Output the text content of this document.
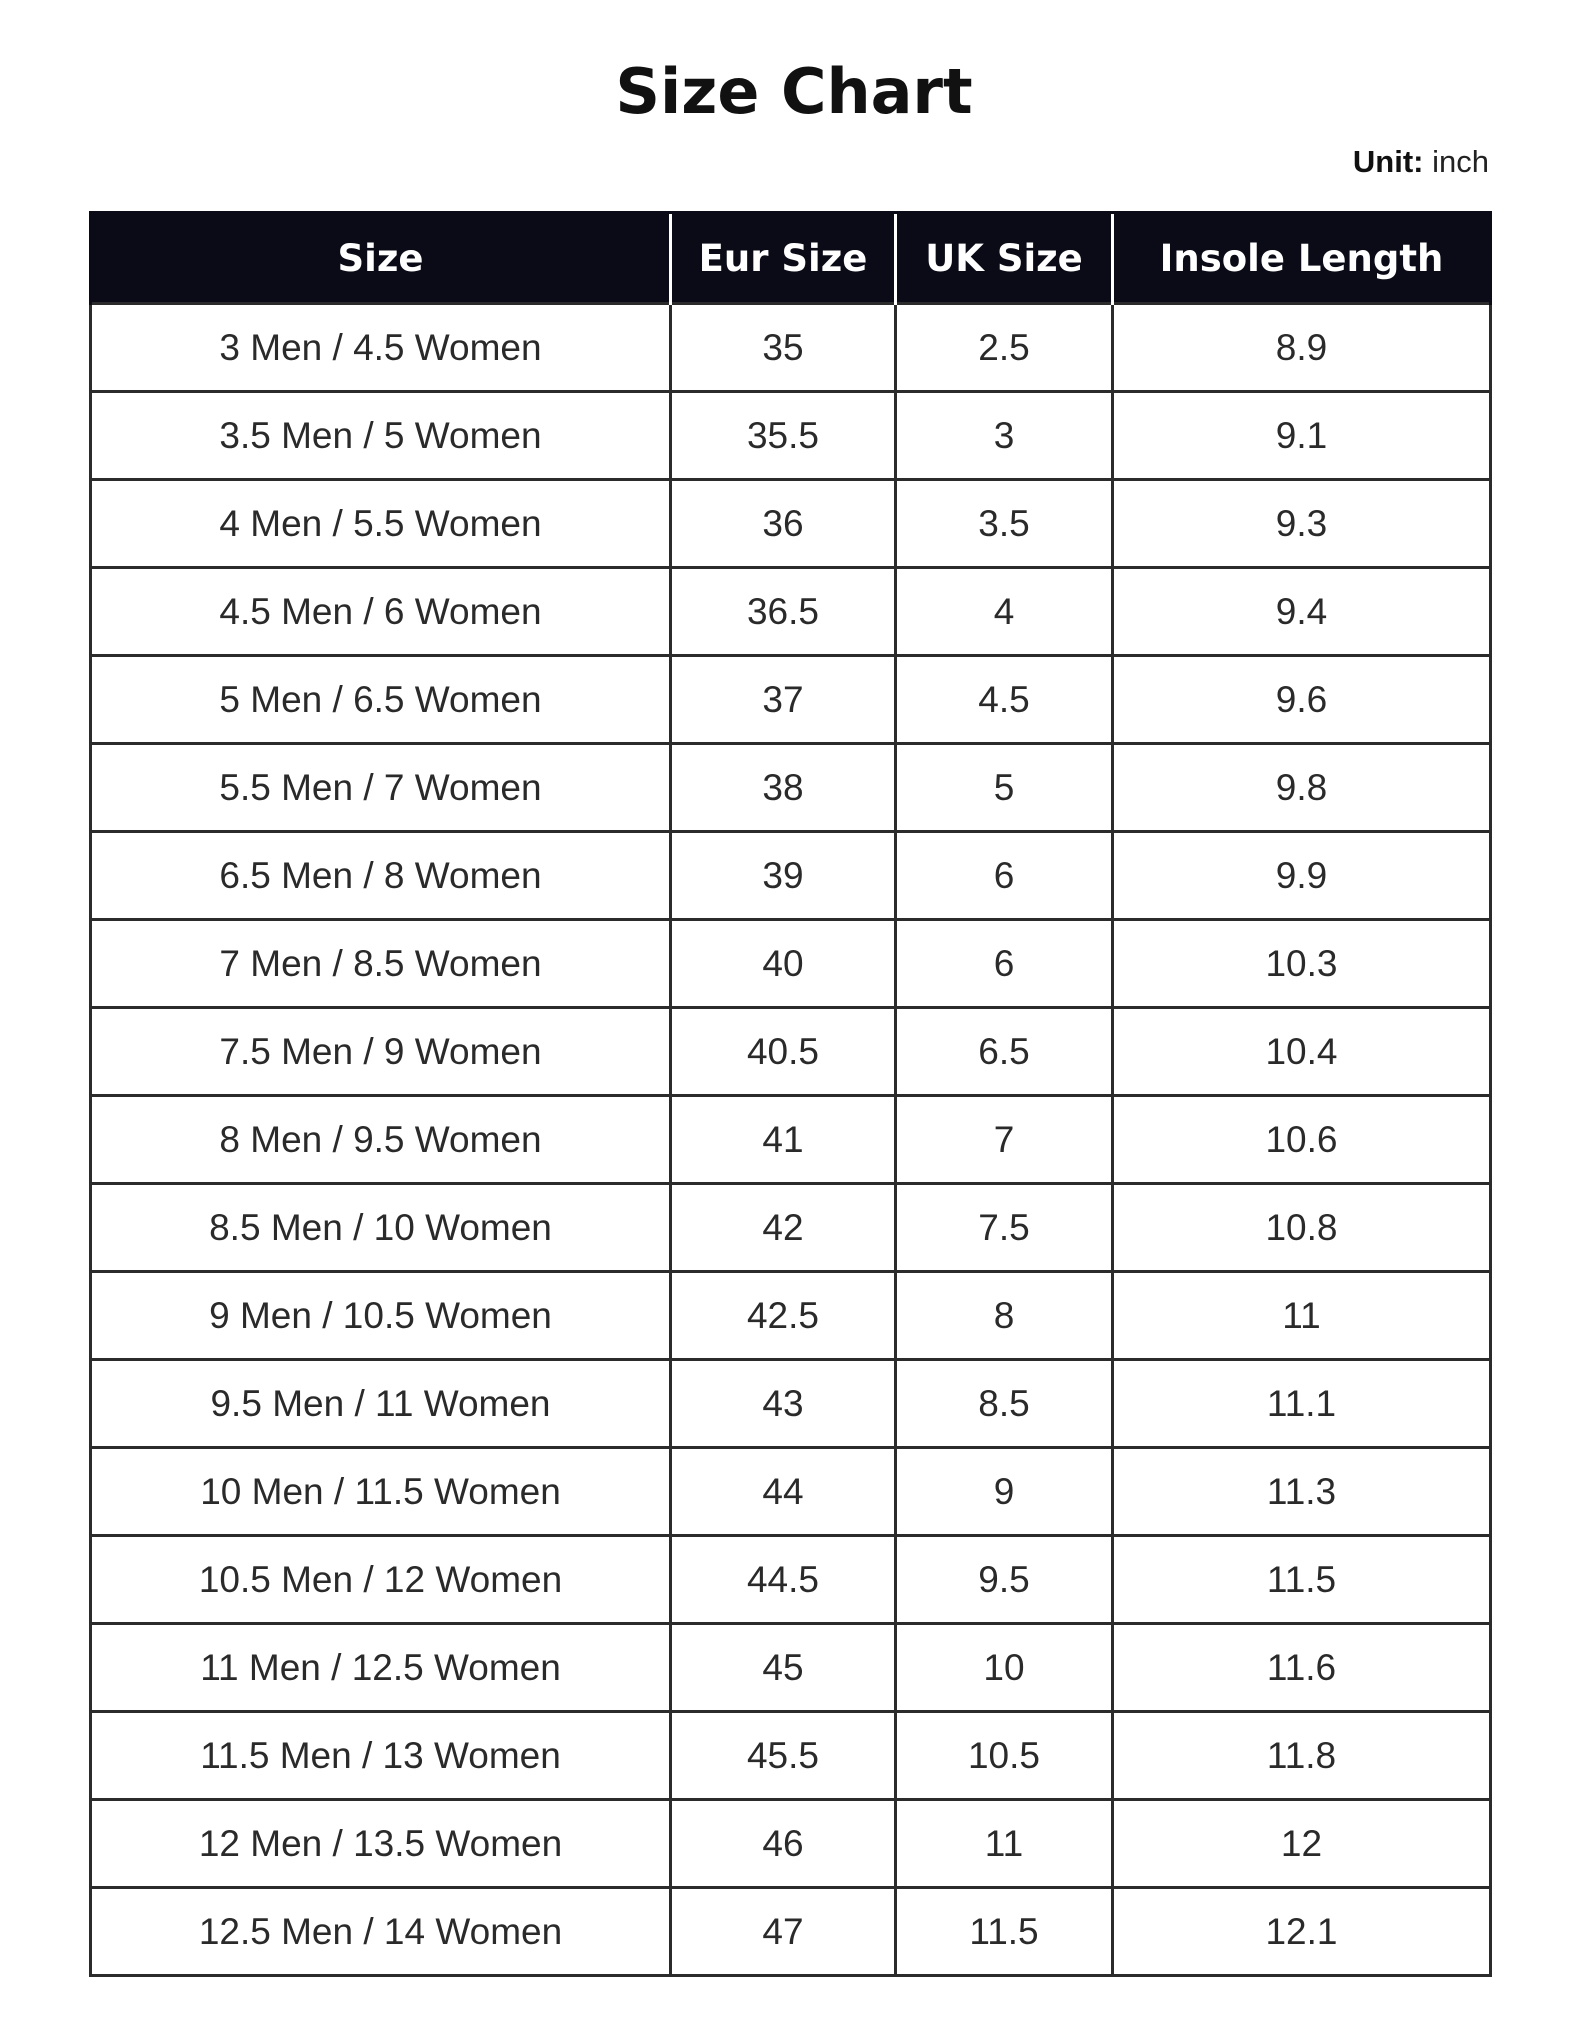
Size Chart
Unit: inch
Size	Eur Size	UK Size	Insole Length
3 Men / 4.5 Women	35	2.5	8.9
3.5 Men / 5 Women	35.5	3	9.1
4 Men / 5.5 Women	36	3.5	9.3
4.5 Men / 6 Women	36.5	4	9.4
5 Men / 6.5 Women	37	4.5	9.6
5.5 Men / 7 Women	38	5	9.8
6.5 Men / 8 Women	39	6	9.9
7 Men / 8.5 Women	40	6	10.3
7.5 Men / 9 Women	40.5	6.5	10.4
8 Men / 9.5 Women	41	7	10.6
8.5 Men / 10 Women	42	7.5	10.8
9 Men / 10.5 Women	42.5	8	11
9.5 Men / 11 Women	43	8.5	11.1
10 Men / 11.5 Women	44	9	11.3
10.5 Men / 12 Women	44.5	9.5	11.5
11 Men / 12.5 Women	45	10	11.6
11.5 Men / 13 Women	45.5	10.5	11.8
12 Men / 13.5 Women	46	11	12
12.5 Men / 14 Women	47	11.5	12.1
